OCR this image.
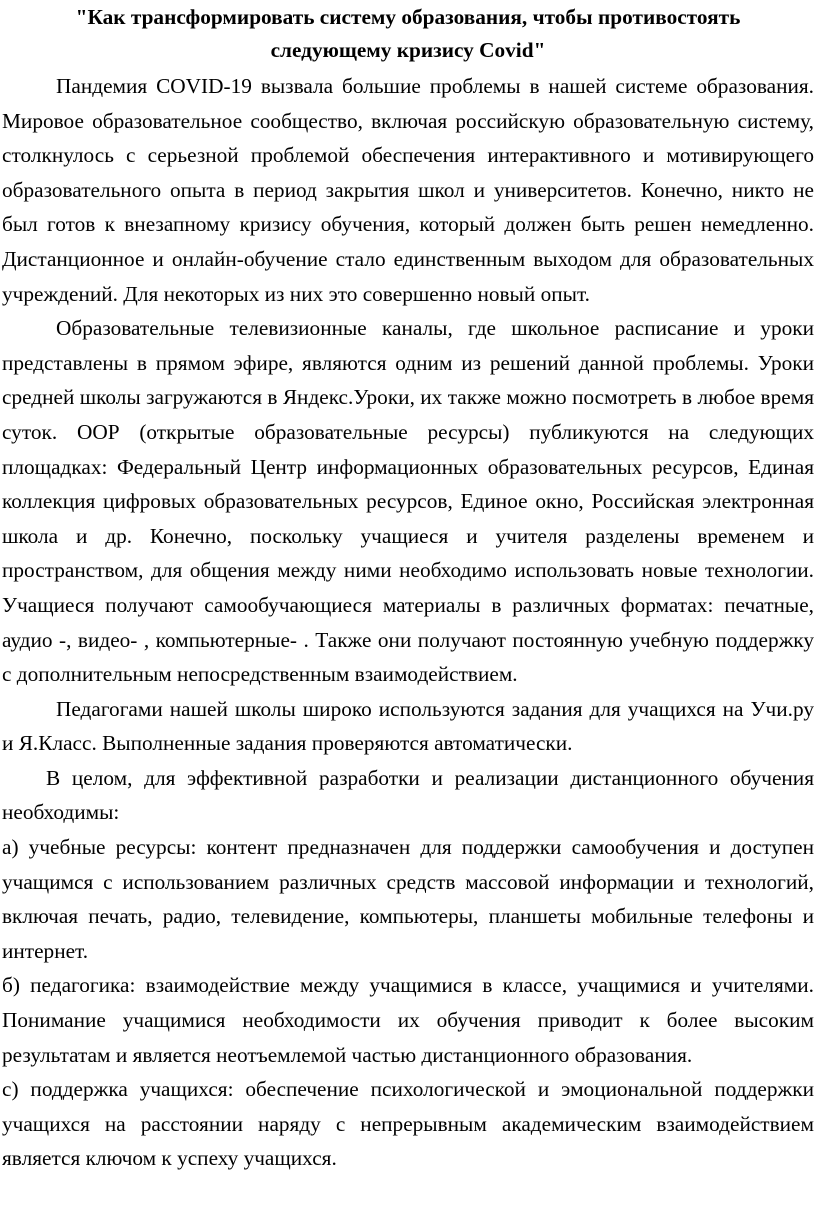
"Как трансформировать систему образования, чтобы противостоять
следующему кризису Covid"

Пандемия COVID-19 вызвала большие проблемы в нашей системе образования. Мировое образовательное сообщество, включая российскую образовательную систему, столкнулось с серьезной проблемой обеспечения интерактивного и мотивирующего образовательного опыта в период закрытия школ и университетов. Конечно, никто не был готов к внезапному кризису обучения, который должен быть решен немедленно. Дистанционное и онлайн-обучение стало единственным выходом для образовательных учреждений. Для некоторых из них это совершенно новый опыт.

Образовательные телевизионные каналы, где школьное расписание и уроки представлены в прямом эфире, являются одним из решений данной проблемы. Уроки средней школы загружаются в Яндекс.Уроки, их также можно посмотреть в любое время суток. ООР (открытые образовательные ресурсы) публикуются на следующих площадках: Федеральный Центр информационных образовательных ресурсов, Единая коллекция цифровых образовательных ресурсов, Единое окно, Российская электронная школа и др. Конечно, поскольку учащиеся и учителя разделены временем и пространством, для общения между ними необходимо использовать новые технологии. Учащиеся получают самообучающиеся материалы в различных форматах: печатные, аудио -, видео- , компьютерные- . Также они получают постоянную учебную поддержку с дополнительным непосредственным взаимодействием.

Педагогами нашей школы широко используются задания для учащихся на Учи.ру и Я.Класс. Выполненные задания проверяются автоматически.

В целом, для эффективной разработки и реализации дистанционного обучения необходимы:

а) учебные ресурсы: контент предназначен для поддержки самообучения и доступен учащимся с использованием различных средств массовой информации и технологий, включая печать, радио, телевидение, компьютеры, планшеты мобильные телефоны и интернет.

б) педагогика: взаимодействие между учащимися в классе, учащимися и учителями. Понимание учащимися необходимости их обучения приводит к более высоким результатам и является неотъемлемой частью дистанционного образования.

с) поддержка учащихся: обеспечение психологической и эмоциональной поддержки учащихся на расстоянии наряду с непрерывным академическим взаимодействием является ключом к успеху учащихся.
